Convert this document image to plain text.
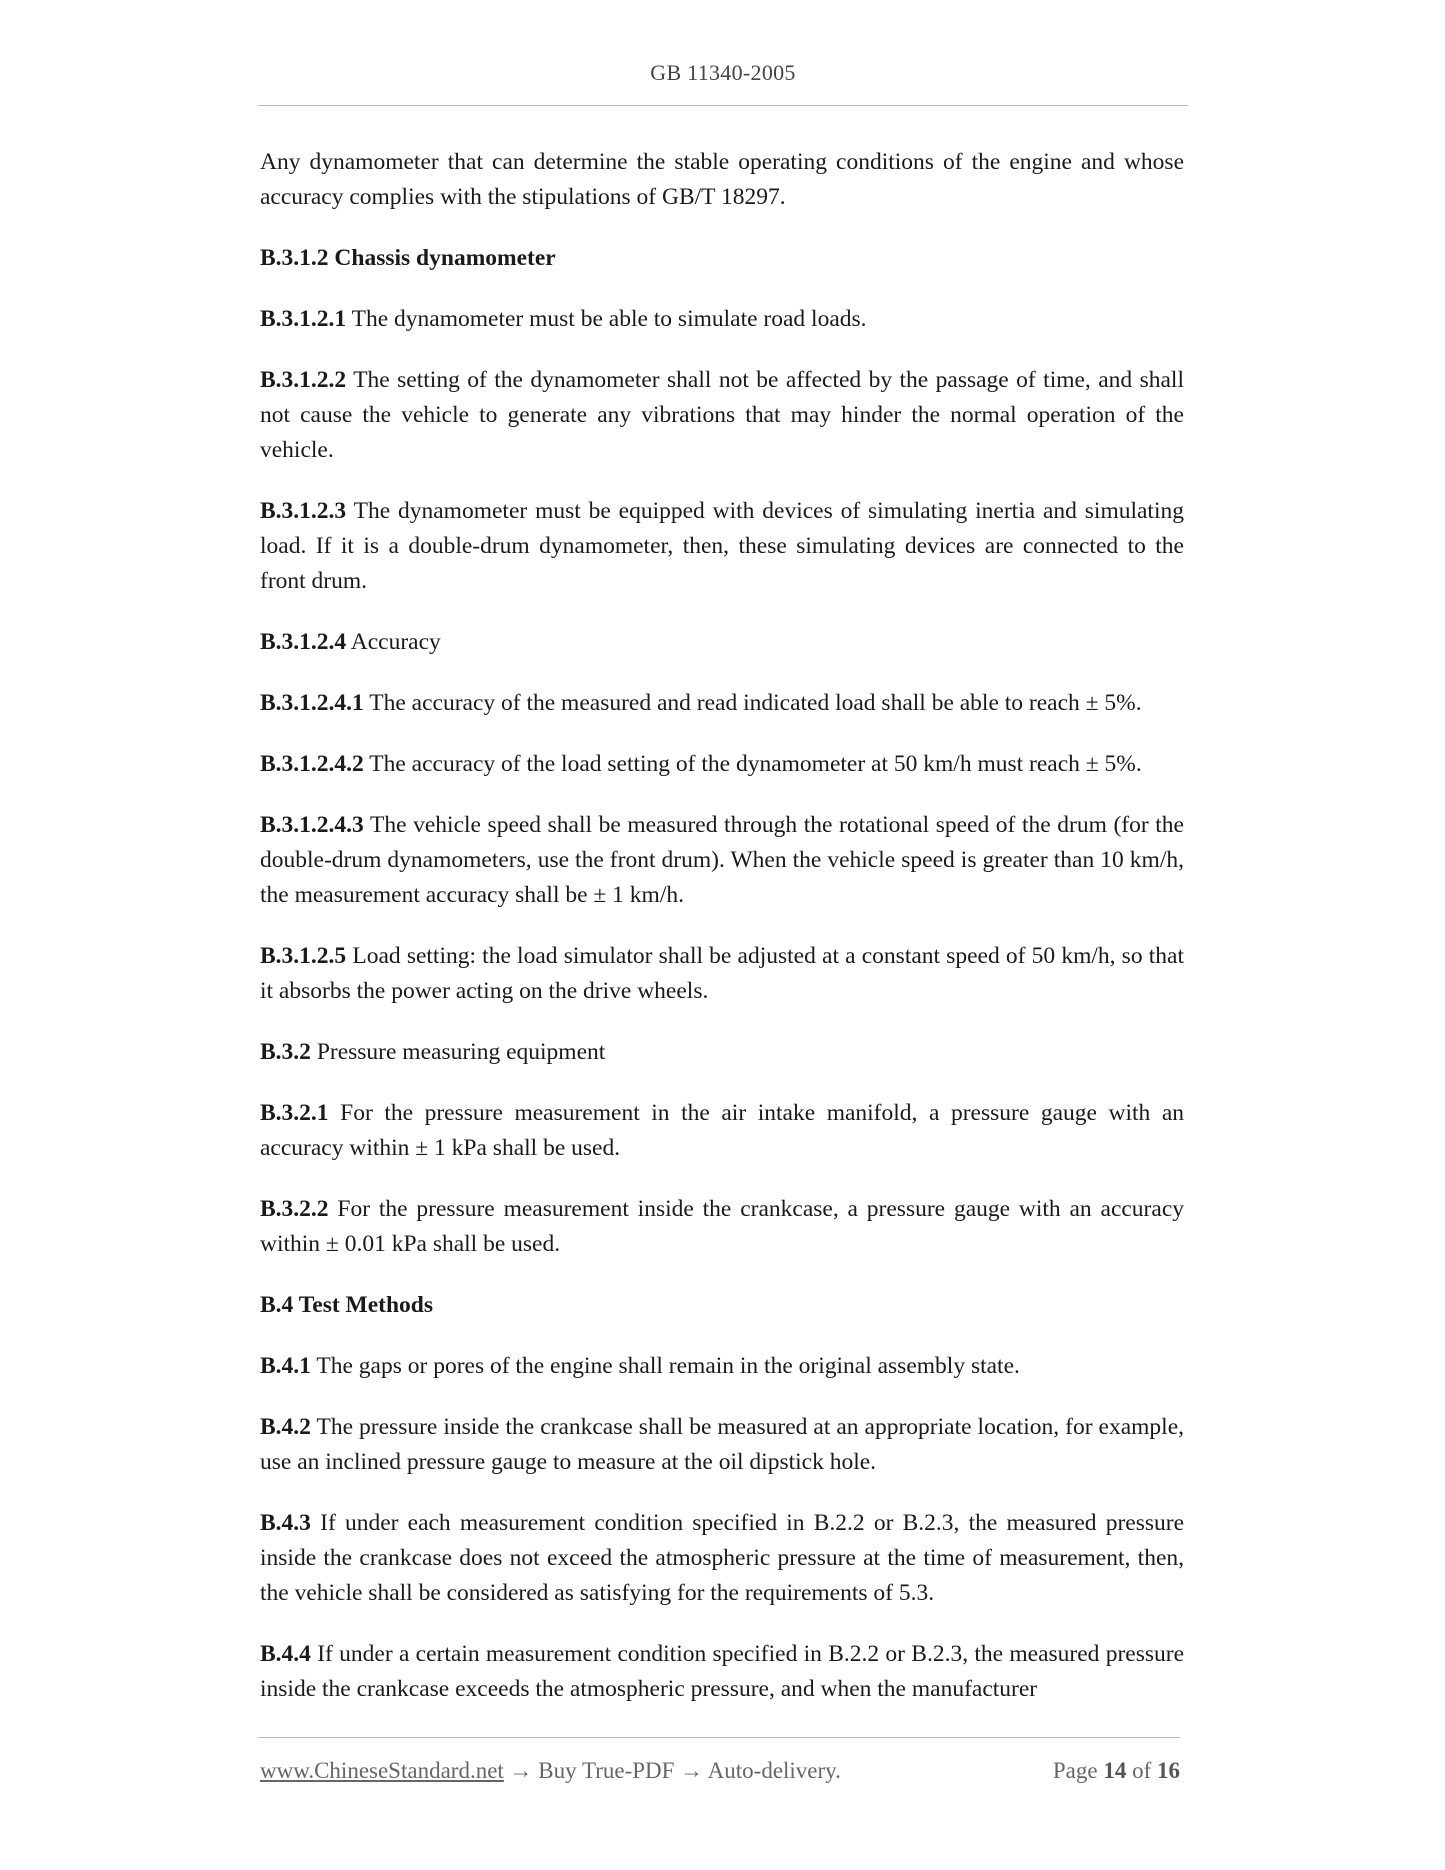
GB 11340-2005

Any dynamometer that can determine the stable operating conditions of the engine and whose accuracy complies with the stipulations of GB/T 18297.

B.3.1.2 Chassis dynamometer

B.3.1.2.1 The dynamometer must be able to simulate road loads.

B.3.1.2.2 The setting of the dynamometer shall not be affected by the passage of time, and shall not cause the vehicle to generate any vibrations that may hinder the normal operation of the vehicle.

B.3.1.2.3 The dynamometer must be equipped with devices of simulating inertia and simulating load. If it is a double-drum dynamometer, then, these simulating devices are connected to the front drum.

B.3.1.2.4 Accuracy

B.3.1.2.4.1 The accuracy of the measured and read indicated load shall be able to reach ± 5%.

B.3.1.2.4.2 The accuracy of the load setting of the dynamometer at 50 km/h must reach ± 5%.

B.3.1.2.4.3 The vehicle speed shall be measured through the rotational speed of the drum (for the double-drum dynamometers, use the front drum). When the vehicle speed is greater than 10 km/h, the measurement accuracy shall be ± 1 km/h.

B.3.1.2.5 Load setting: the load simulator shall be adjusted at a constant speed of 50 km/h, so that it absorbs the power acting on the drive wheels.

B.3.2 Pressure measuring equipment

B.3.2.1 For the pressure measurement in the air intake manifold, a pressure gauge with an accuracy within ± 1 kPa shall be used.

B.3.2.2 For the pressure measurement inside the crankcase, a pressure gauge with an accuracy within ± 0.01 kPa shall be used.

B.4 Test Methods

B.4.1 The gaps or pores of the engine shall remain in the original assembly state.

B.4.2 The pressure inside the crankcase shall be measured at an appropriate location, for example, use an inclined pressure gauge to measure at the oil dipstick hole.

B.4.3 If under each measurement condition specified in B.2.2 or B.2.3, the measured pressure inside the crankcase does not exceed the atmospheric pressure at the time of measurement, then, the vehicle shall be considered as satisfying for the requirements of 5.3.

B.4.4 If under a certain measurement condition specified in B.2.2 or B.2.3, the measured pressure inside the crankcase exceeds the atmospheric pressure, and when the manufacturer

www.ChineseStandard.net → Buy True-PDF → Auto-delivery.	Page 14 of 16
